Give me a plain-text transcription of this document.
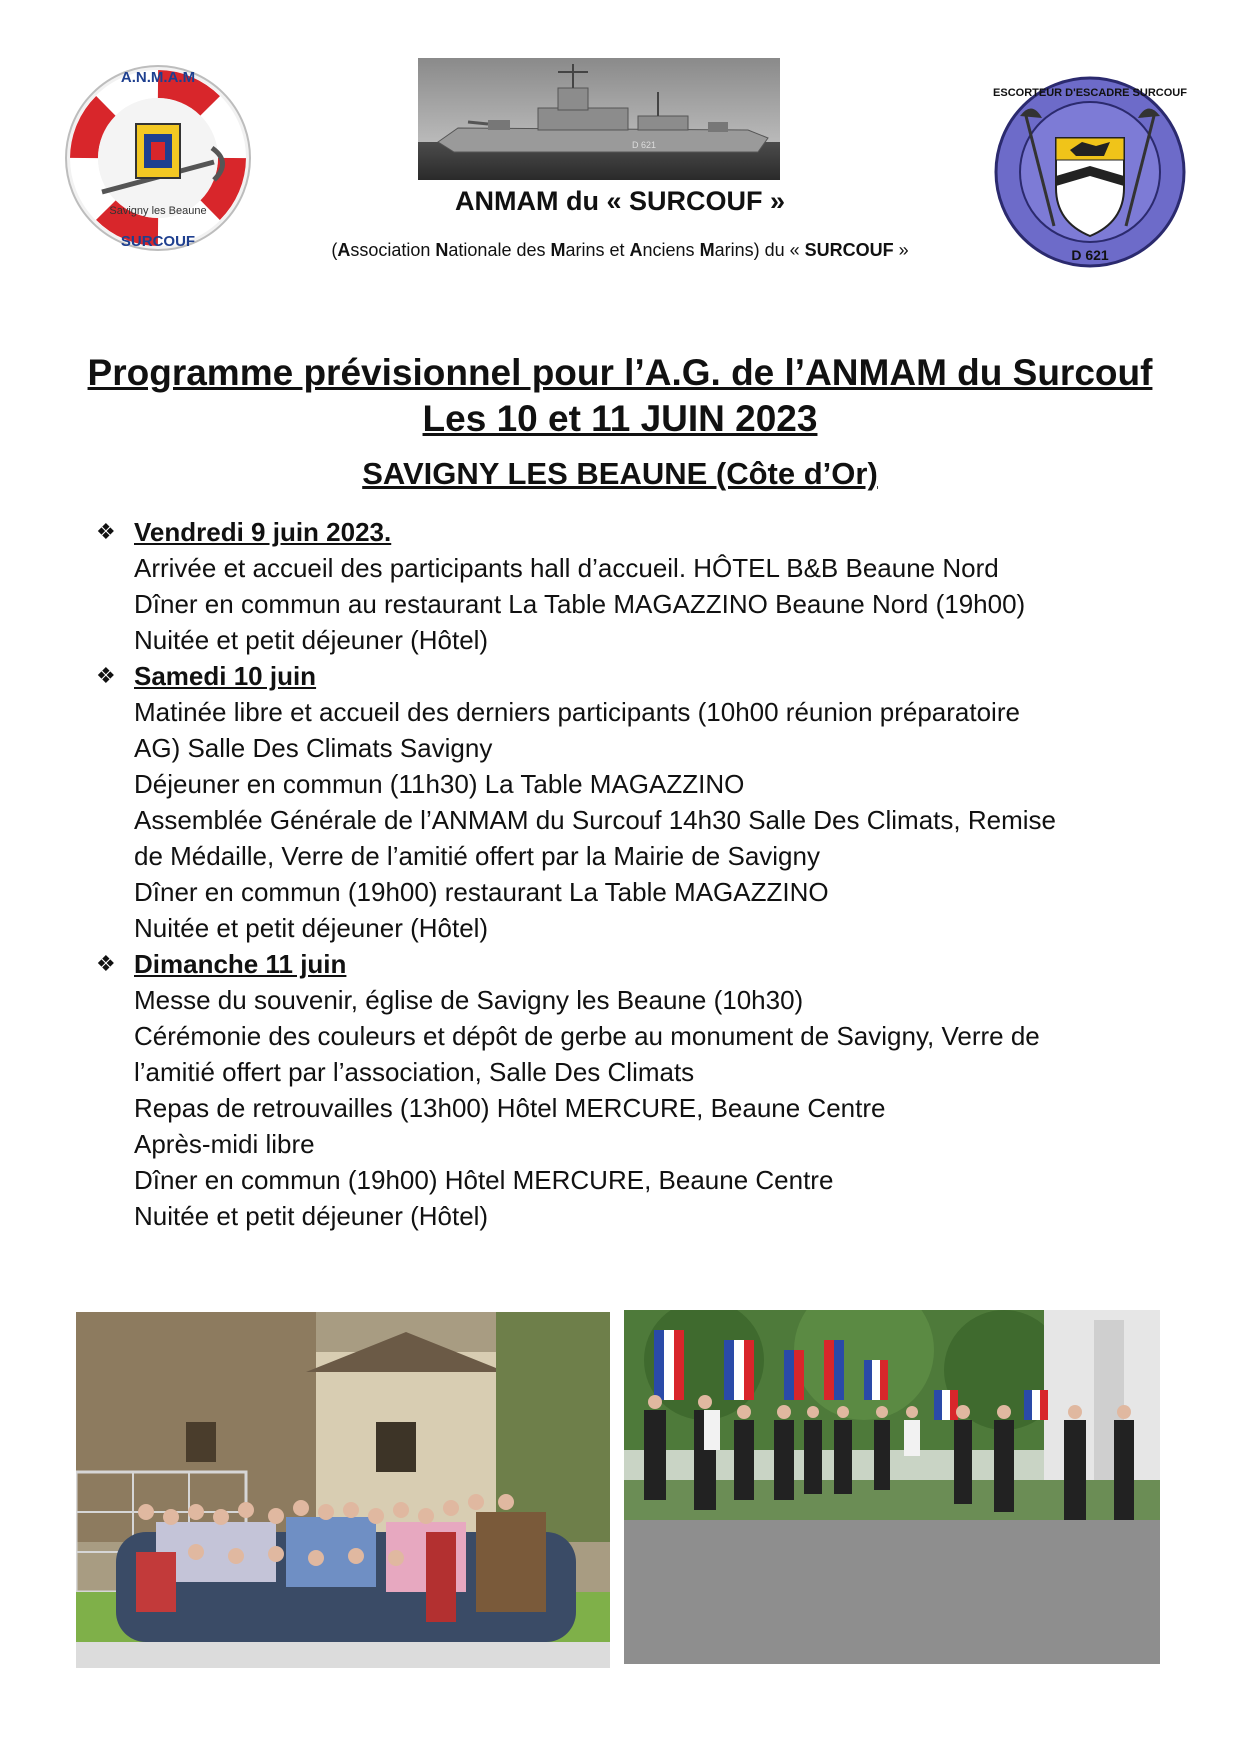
A.N.M.A.M
Savigny les Beaune
SURCOUF
D 621
ESCORTEUR D'ESCADRE SURCOUF
D 621
ANMAM du « SURCOUF »
(Association Nationale des Marins et Anciens Marins) du « SURCOUF »
Programme prévisionnel pour l’A.G. de l’ANMAM du Surcouf
Les 10 et 11 JUIN 2023
SAVIGNY LES BEAUNE (Côte d’Or)
❖ Vendredi 9 juin 2023.
Arrivée et accueil des participants hall d’accueil. HÔTEL B&B Beaune Nord
Dîner en commun au restaurant La Table MAGAZZINO Beaune Nord (19h00)
Nuitée et petit déjeuner (Hôtel)
❖ Samedi 10 juin
Matinée libre et accueil des derniers participants (10h00 réunion préparatoire
AG) Salle Des Climats Savigny
Déjeuner en commun (11h30) La Table MAGAZZINO
Assemblée Générale de l’ANMAM du Surcouf 14h30 Salle Des Climats, Remise
de Médaille, Verre de l’amitié offert par la Mairie de Savigny
Dîner en commun (19h00) restaurant La Table MAGAZZINO
Nuitée et petit déjeuner (Hôtel)
❖ Dimanche 11 juin
Messe du souvenir, église de Savigny les Beaune (10h30)
Cérémonie des couleurs et dépôt de gerbe au monument de Savigny, Verre de
l’amitié offert par l’association, Salle Des Climats
Repas de retrouvailles (13h00) Hôtel MERCURE, Beaune Centre
Après-midi libre
Dîner en commun (19h00) Hôtel MERCURE, Beaune Centre
Nuitée et petit déjeuner (Hôtel)
